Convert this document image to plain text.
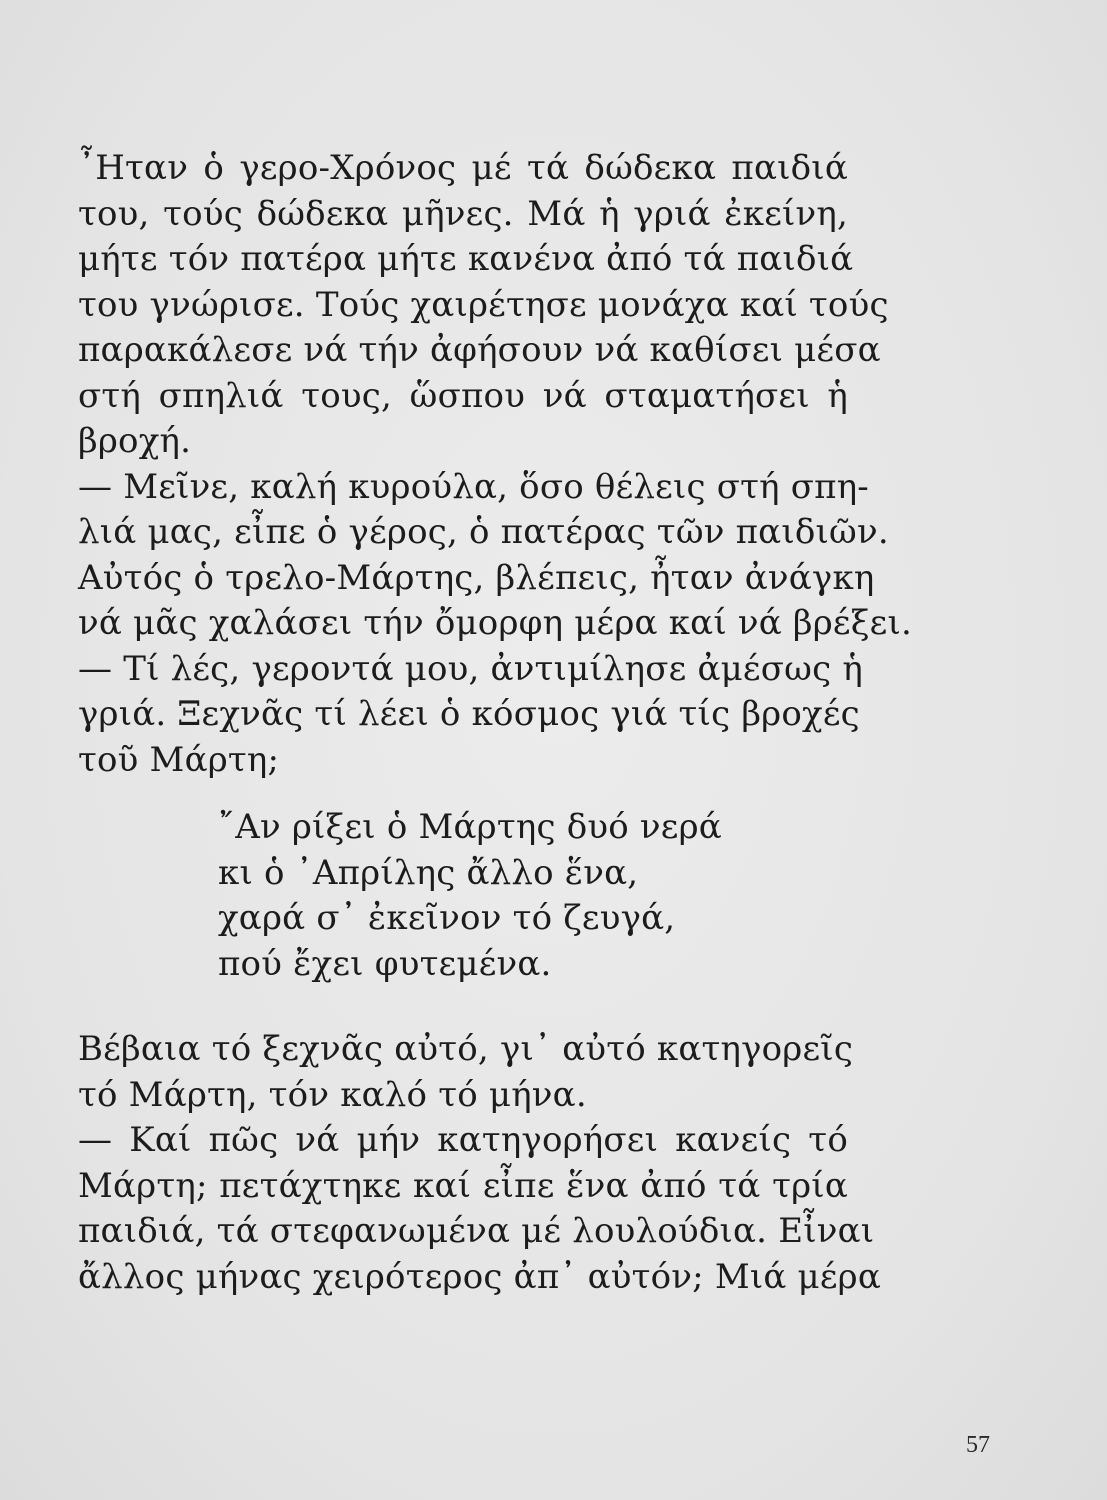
῏Ηταν ὁ γερο-Χρόνος μέ τά δώδεκα παιδιά
του, τούς δώδεκα μῆνες. Μά ἡ γριά ἐκείνη,
μήτε τόν πατέρα μήτε κανένα ἀπό τά παιδιά
του γνώρισε. Τούς χαιρέτησε μονάχα καί τούς
παρακάλεσε νά τήν ἀφήσουν νά καθίσει μέσα
στή σπηλιά τους, ὥσπου νά σταματήσει ἡ
βροχή.
— Μεῖνε, καλή κυρούλα, ὅσο θέλεις στή σπη-
λιά μας, εἶπε ὁ γέρος, ὁ πατέρας τῶν παιδιῶν.
Αὐτός ὁ τρελο-Μάρτης, βλέπεις, ἦταν ἀνάγκη
νά μᾶς χαλάσει τήν ὄμορφη μέρα καί νά βρέξει.
— Τί λές, γεροντά μου, ἀντιμίλησε ἀμέσως ἡ
γριά. Ξεχνᾶς τί λέει ὁ κόσμος γιά τίς βροχές
τοῦ Μάρτη;
῎Αν ρίξει ὁ Μάρτης δυό νερά
κι ὁ ᾿Απρίλης ἄλλο ἕνα,
χαρά σ᾿ ἐκεῖνον τό ζευγά,
πού ἔχει φυτεμένα.
Βέβαια τό ξεχνᾶς αὐτό, γι᾿ αὐτό κατηγορεῖς
τό Μάρτη, τόν καλό τό μήνα.
— Καί πῶς νά μήν κατηγορήσει κανείς τό
Μάρτη; πετάχτηκε καί εἶπε ἕνα ἀπό τά τρία
παιδιά, τά στεφανωμένα μέ λουλούδια. Εἶναι
ἄλλος μήνας χειρότερος ἀπ᾿ αὐτόν; Μιά μέρα
57
